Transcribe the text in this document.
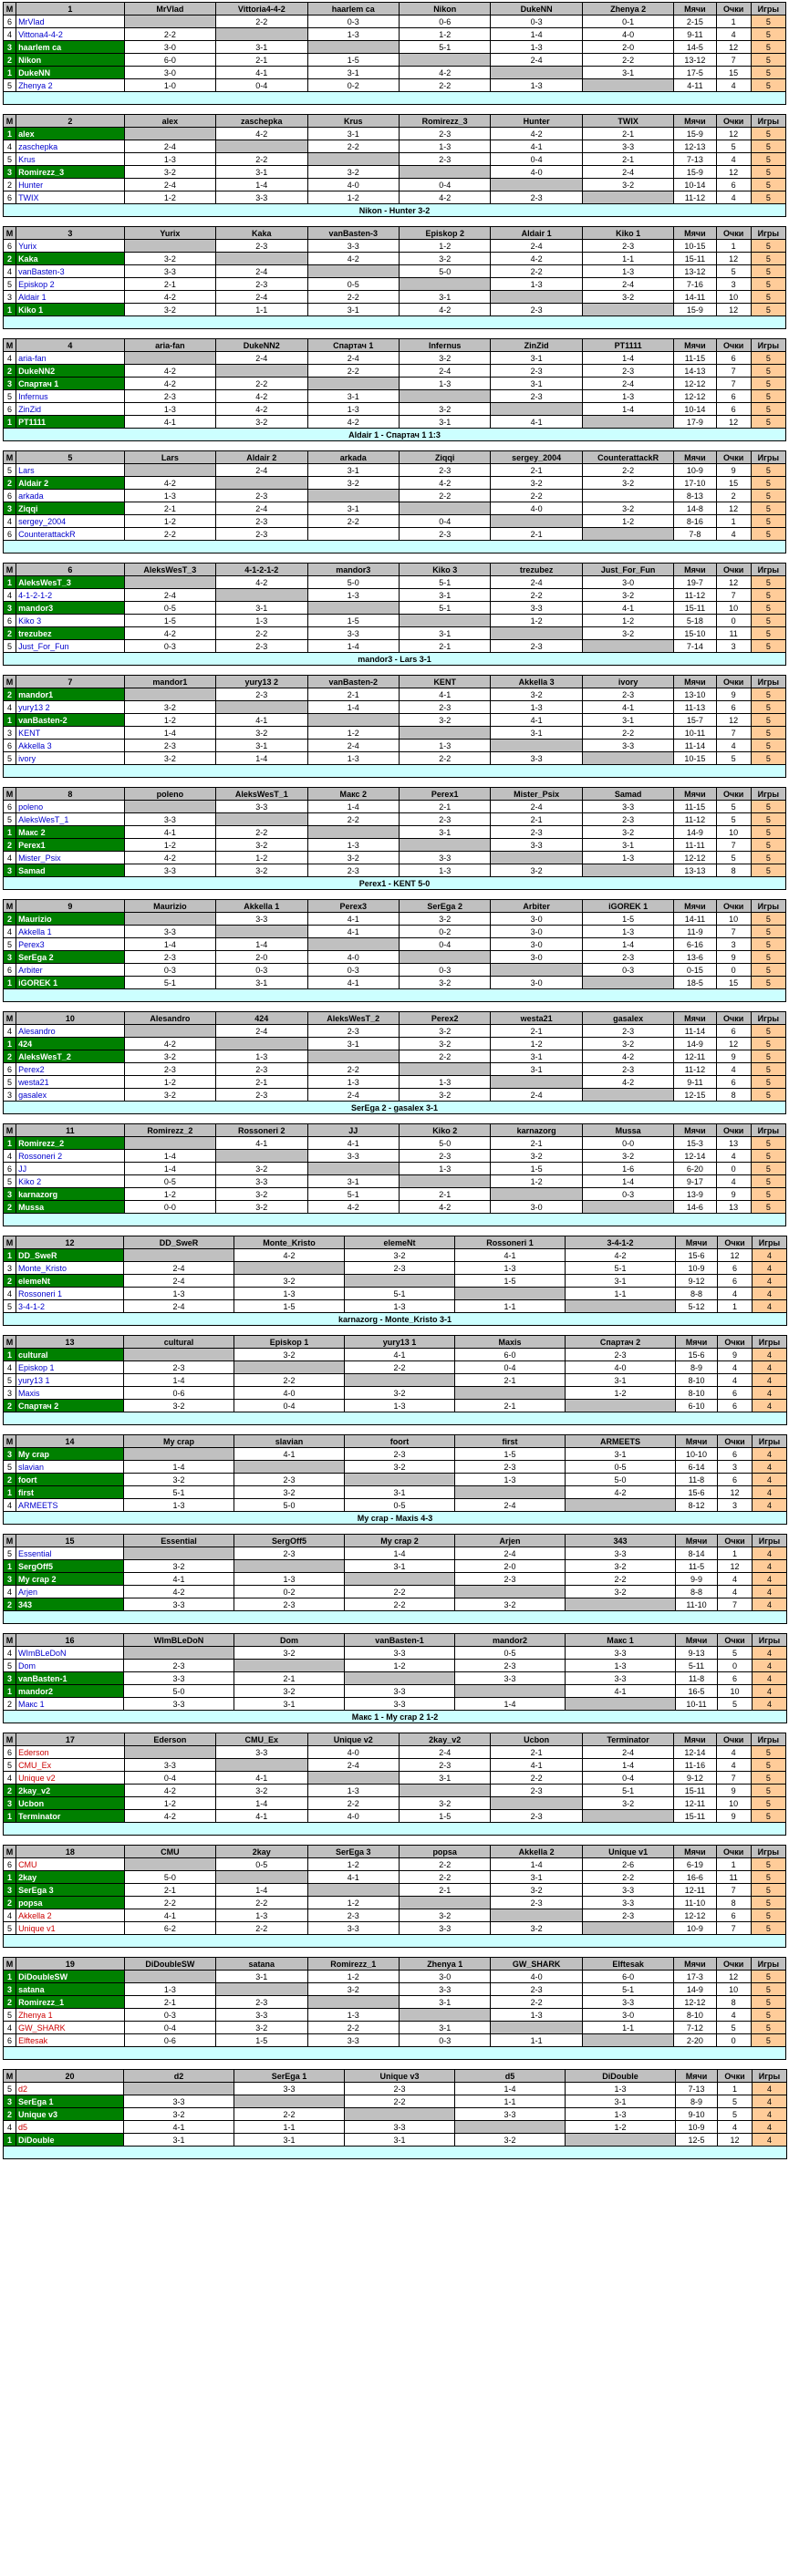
M	1	MrVlad	Vittoria4-4-2	haarlem ca	Nikon	DukeNN	Zhenya 2	Мячи	Очки	Игры
6	MrVlad		2-2	0-3	0-6	0-3	0-1	2-15	1	5
4	Vittona4-4-2	2-2		1-3	1-2	1-4	4-0	9-11	4	5
3	haarlem ca	3-0	3-1		5-1	1-3	2-0	14-5	12	5
2	Nikon	6-0	2-1	1-5		2-4	2-2	13-12	7	5
1	DukeNN	3-0	4-1	3-1	4-2		3-1	17-5	15	5
5	Zhenya 2	1-0	0-4	0-2	2-2	1-3		4-11	4	5

M	2	alex	zaschepka	Krus	Romirezz_3	Hunter	TWIX	Мячи	Очки	Игры
1	alex		4-2	3-1	2-3	4-2	2-1	15-9	12	5
4	zaschepka	2-4		2-2	1-3	4-1	3-3	12-13	5	5
5	Krus	1-3	2-2		2-3	0-4	2-1	7-13	4	5
3	Romirezz_3	3-2	3-1	3-2		4-0	2-4	15-9	12	5
2	Hunter	2-4	1-4	4-0	0-4		3-2	10-14	6	5
6	TWIX	1-2	3-3	1-2	4-2	2-3		11-12	4	5
Nikon - Hunter 3-2										
M	3	Yurix	Kaka	vanBasten-3	Episkop 2	Aldair 1	Kiko 1	Мячи	Очки	Игры
6	Yurix		2-3	3-3	1-2	2-4	2-3	10-15	1	5
2	Kaka	3-2		4-2	3-2	4-2	1-1	15-11	12	5
4	vanBasten-3	3-3	2-4		5-0	2-2	1-3	13-12	5	5
5	Episkop 2	2-1	2-3	0-5		1-3	2-4	7-16	3	5
3	Aldair 1	4-2	2-4	2-2	3-1		3-2	14-11	10	5
1	Kiko 1	3-2	1-1	3-1	4-2	2-3		15-9	12	5

M	4	aria-fan	DukeNN2	Спартач 1	Infernus	ZinZid	PT1111	Мячи	Очки	Игры
4	aria-fan		2-4	2-4	3-2	3-1	1-4	11-15	6	5
2	DukeNN2	4-2		2-2	2-4	2-3	2-3	14-13	7	5
3	Спартач 1	4-2	2-2		1-3	3-1	2-4	12-12	7	5
5	Infernus	2-3	4-2	3-1		2-3	1-3	12-12	6	5
6	ZinZid	1-3	4-2	1-3	3-2		1-4	10-14	6	5
1	PT1111	4-1	3-2	4-2	3-1	4-1		17-9	12	5
Aldair 1 - Спартач 1 1:3										
M	5	Lars	Aldair 2	arkada	Ziqqi	sergey_2004	CounterattackR	Мячи	Очки	Игры
5	Lars		2-4	3-1	2-3	2-1	2-2	10-9	9	5
2	Aldair 2	4-2		3-2	4-2	3-2	3-2	17-10	15	5
6	arkada	1-3	2-3		2-2	2-2		8-13	2	5
3	Ziqqi	2-1	2-4	3-1		4-0	3-2	14-8	12	5
4	sergey_2004	1-2	2-3	2-2	0-4		1-2	8-16	1	5
6	CounterattackR	2-2	2-3		2-3	2-1		7-8	4	5

M	6	AleksWesT_3	4-1-2-1-2	mandor3	Kiko 3	trezubez	Just_For_Fun	Мячи	Очки	Игры
1	AleksWesT_3		4-2	5-0	5-1	2-4	3-0	19-7	12	5
4	4-1-2-1-2	2-4		1-3	3-1	2-2	3-2	11-12	7	5
3	mandor3	0-5	3-1		5-1	3-3	4-1	15-11	10	5
6	Kiko 3	1-5	1-3	1-5		1-2	1-2	5-18	0	5
2	trezubez	4-2	2-2	3-3	3-1		3-2	15-10	11	5
5	Just_For_Fun	0-3	2-3	1-4	2-1	2-3		7-14	3	5
mandor3 - Lars 3-1										
M	7	mandor1	yury13 2	vanBasten-2	KENT	Akkella 3	ivory	Мячи	Очки	Игры
2	mandor1		2-3	2-1	4-1	3-2	2-3	13-10	9	5
4	yury13 2	3-2		1-4	2-3	1-3	4-1	11-13	6	5
1	vanBasten-2	1-2	4-1		3-2	4-1	3-1	15-7	12	5
3	KENT	1-4	3-2	1-2		3-1	2-2	10-11	7	5
6	Akkella 3	2-3	3-1	2-4	1-3		3-3	11-14	4	5
5	ivory	3-2	1-4	1-3	2-2	3-3		10-15	5	5

M	8	poleno	AleksWesT_1	Макс 2	Perex1	Mister_Psix	Samad	Мячи	Очки	Игры
6	poleno		3-3	1-4	2-1	2-4	3-3	11-15	5	5
5	AleksWesT_1	3-3		2-2	2-3	2-1	2-3	11-12	5	5
1	Макс 2	4-1	2-2		3-1	2-3	3-2	14-9	10	5
2	Perex1	1-2	3-2	1-3		3-3	3-1	11-11	7	5
4	Mister_Psix	4-2	1-2	3-2	3-3		1-3	12-12	5	5
3	Samad	3-3	3-2	2-3	1-3	3-2		13-13	8	5
Perex1 - KENT 5-0										
M	9	Maurizio	Akkella 1	Perex3	SerEga 2	Arbiter	iGOREK 1	Мячи	Очки	Игры
2	Maurizio		3-3	4-1	3-2	3-0	1-5	14-11	10	5
4	Akkella 1	3-3		4-1	0-2	3-0	1-3	11-9	7	5
5	Perex3	1-4	1-4		0-4	3-0	1-4	6-16	3	5
3	SerEga 2	2-3	2-0	4-0		3-0	2-3	13-6	9	5
6	Arbiter	0-3	0-3	0-3	0-3		0-3	0-15	0	5
1	iGOREK 1	5-1	3-1	4-1	3-2	3-0		18-5	15	5

M	10	Alesandro	424	AleksWesT_2	Perex2	westa21	gasalex	Мячи	Очки	Игры
4	Alesandro		2-4	2-3	3-2	2-1	2-3	11-14	6	5
1	424	4-2		3-1	3-2	1-2	3-2	14-9	12	5
2	AleksWesT_2	3-2	1-3		2-2	3-1	4-2	12-11	9	5
6	Perex2	2-3	2-3	2-2		3-1	2-3	11-12	4	5
5	westa21	1-2	2-1	1-3	1-3		4-2	9-11	6	5
3	gasalex	3-2	2-3	2-4	3-2	2-4		12-15	8	5
SerEga 2 - gasalex 3-1										
M	11	Romirezz_2	Rossoneri 2	JJ	Kiko 2	karnazorg	Mussa	Мячи	Очки	Игры
1	Romirezz_2		4-1	4-1	5-0	2-1	0-0	15-3	13	5
4	Rossoneri 2	1-4		3-3	2-3	3-2	3-2	12-14	4	5
6	JJ	1-4	3-2		1-3	1-5	1-6	6-20	0	5
5	Kiko 2	0-5	3-3	3-1		1-2	1-4	9-17	4	5
3	karnazorg	1-2	3-2	5-1	2-1		0-3	13-9	9	5
2	Mussa	0-0	3-2	4-2	4-2	3-0		14-6	13	5

M	12	DD_SweR	Monte_Kristo	elemeNt	Rossoneri 1	3-4-1-2	Мячи	Очки	Игры
1	DD_SweR		4-2	3-2	4-1	4-2	15-6	12	4
3	Monte_Kristo	2-4		2-3	1-3	5-1	10-9	6	4
2	elemeNt	2-4	3-2		1-5	3-1	9-12	6	4
4	Rossoneri 1	1-3	1-3	5-1		1-1	8-8	4	4
5	3-4-1-2	2-4	1-5	1-3	1-1		5-12	1	4
karnazorg - Monte_Kristo 3-1									
M	13	cultural	Episkop 1	yury13 1	Maxis	Спартач 2	Мячи	Очки	Игры
1	cultural		3-2	4-1	6-0	2-3	15-6	9	4
4	Episkop 1	2-3		2-2	0-4	4-0	8-9	4	4
5	yury13 1	1-4	2-2		2-1	3-1	8-10	4	4
3	Maxis	0-6	4-0	3-2		1-2	8-10	6	4
2	Спартач 2	3-2	0-4	1-3	2-1		6-10	6	4

M	14	My crap	slavian	foort	first	ARMEETS	Мячи	Очки	Игры
3	My crap		4-1	2-3	1-5	3-1	10-10	6	4
5	slavian	1-4		3-2	2-3	0-5	6-14	3	4
2	foort	3-2	2-3		1-3	5-0	11-8	6	4
1	first	5-1	3-2	3-1		4-2	15-6	12	4
4	ARMEETS	1-3	5-0	0-5	2-4		8-12	3	4
My crap - Maxis 4-3									
M	15	Essential	SergOff5	My crap 2	Arjen	343	Мячи	Очки	Игры
5	Essential		2-3	1-4	2-4	3-3	8-14	1	4
1	SergOff5	3-2		3-1	2-0	3-2	11-5	12	4
3	My crap 2	4-1	1-3		2-3	2-2	9-9	4	4
4	Arjen	4-2	0-2	2-2		3-2	8-8	4	4
2	343	3-3	2-3	2-2	3-2		11-10	7	4

M	16	WImBLeDoN	Dom	vanBasten-1	mandor2	Макс 1	Мячи	Очки	Игры
4	WImBLeDoN		3-2	3-3	0-5	3-3	9-13	5	4
5	Dom	2-3		1-2	2-3	1-3	5-11	0	4
3	vanBasten-1	3-3	2-1		3-3	3-3	11-8	6	4
1	mandor2	5-0	3-2	3-3		4-1	16-5	10	4
2	Макс 1	3-3	3-1	3-3	1-4		10-11	5	4
Макс 1 - My crap 2 1-2									
M	17	Ederson	CMU_Ex	Unique v2	2kay_v2	Ucbon	Terminator	Мячи	Очки	Игры
6	Ederson		3-3	4-0	2-4	2-1	2-4	12-14	4	5
5	CMU_Ex	3-3		2-4	2-3	4-1	1-4	11-16	4	5
4	Unique v2	0-4	4-1		3-1	2-2	0-4	9-12	7	5
2	2kay_v2	4-2	3-2	1-3		2-3	5-1	15-11	9	5
3	Ucbon	1-2	1-4	2-2	3-2		3-2	12-11	10	5
1	Terminator	4-2	4-1	4-0	1-5	2-3		15-11	9	5

M	18	CMU	2kay	SerEga 3	popsa	Akkella 2	Unique v1	Мячи	Очки	Игры
6	CMU		0-5	1-2	2-2	1-4	2-6	6-19	1	5
1	2kay	5-0		4-1	2-2	3-1	2-2	16-6	11	5
3	SerEga 3	2-1	1-4		2-1	3-2	3-3	12-11	7	5
2	popsa	2-2	2-2	1-2		2-3	3-3	11-10	8	5
4	Akkella 2	4-1	1-3	2-3	3-2		2-3	12-12	6	5
5	Unique v1	6-2	2-2	3-3	3-3	3-2		10-9	7	5

M	19	DiDoubleSW	satana	Romirezz_1	Zhenya 1	GW_SHARK	Elftesak	Мячи	Очки	Игры
1	DiDoubleSW		3-1	1-2	3-0	4-0	6-0	17-3	12	5
3	satana	1-3		3-2	3-3	2-3	5-1	14-9	10	5
2	Romirezz_1	2-1	2-3		3-1	2-2	3-3	12-12	8	5
5	Zhenya 1	0-3	3-3	1-3		1-3	3-0	8-10	4	5
4	GW_SHARK	0-4	3-2	2-2	3-1		1-1	7-12	5	5
6	Elftesak	0-6	1-5	3-3	0-3	1-1		2-20	0	5

M	20	d2	SerEga 1	Unique v3	d5	DiDouble	Мячи	Очки	Игры
5	d2		3-3	2-3	1-4	1-3	7-13	1	4
3	SerEga 1	3-3		2-2	1-1	3-1	8-9	5	4
2	Unique v3	3-2	2-2		3-3	1-3	9-10	5	4
4	d5	4-1	1-1	3-3		1-2	10-9	4	4
1	DiDouble	3-1	3-1	3-1	3-2		12-5	12	4
